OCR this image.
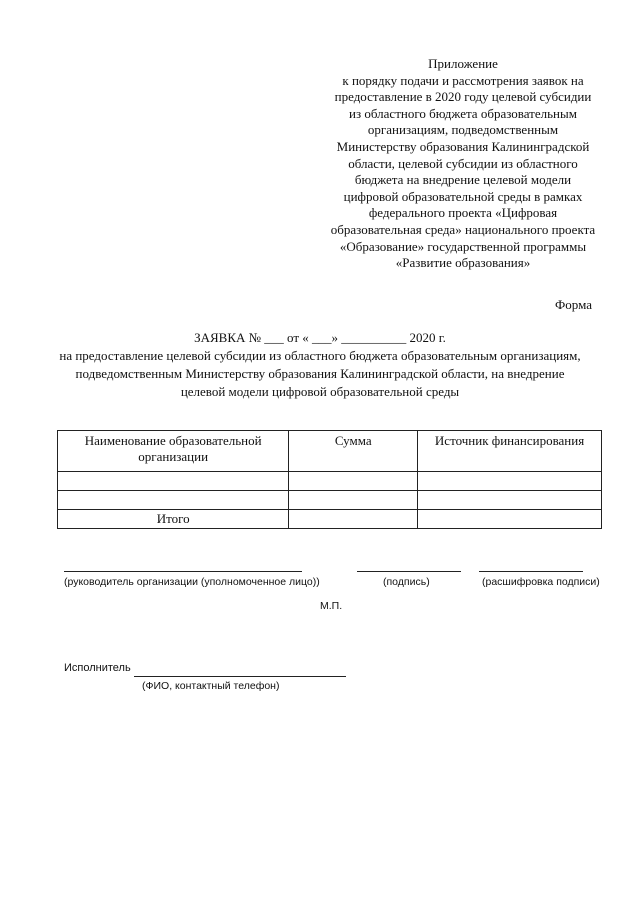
Приложение
к порядку подачи и рассмотрения заявок на
предоставление в 2020 году целевой субсидии
из областного бюджета образовательным
организациям, подведомственным
Министерству образования Калининградской
области, целевой субсидии из областного
бюджета на внедрение целевой модели
цифровой образовательной среды в рамках
федерального проекта «Цифровая
образовательная среда» национального проекта
«Образование» государственной программы
«Развитие образования»
Форма
ЗАЯВКА № ___ от « ___» __________ 2020 г.
на предоставление целевой субсидии из областного бюджета образовательным организациям,
подведомственным Министерству образования Калининградской области, на внедрение
целевой модели цифровой образовательной среды
Наименование образовательной организации	Сумма	Источник финансирования

Итого		
(руководитель организации (уполномоченное лицо))	(подпись)	(расшифровка подписи)
М.П.
Исполнитель
(ФИО, контактный телефон)
